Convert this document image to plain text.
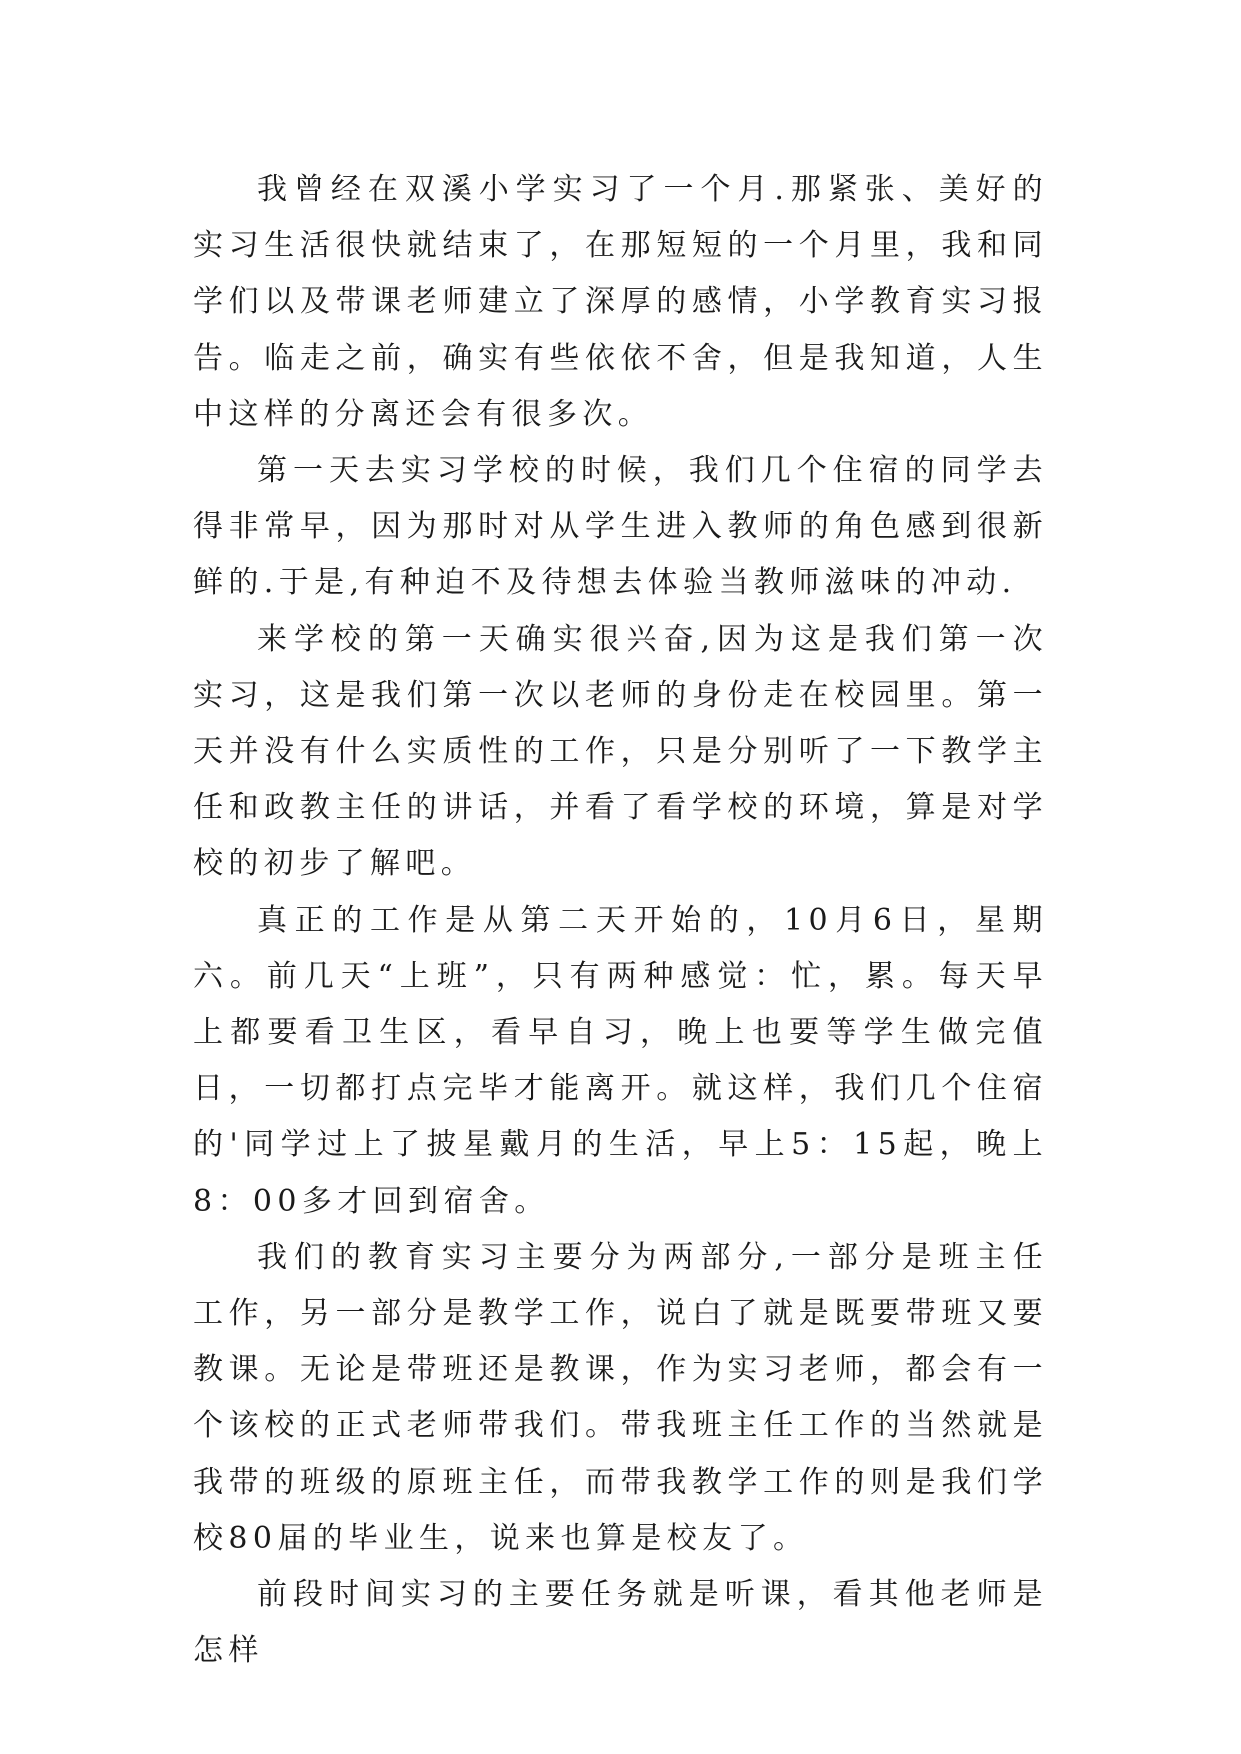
我曾经在双溪小学实习了一个月.那紧张、美好的实习生活很快就结束了，在那短短的一个月里，我和同学们以及带课老师建立了深厚的感情，小学教育实习报告。临走之前，确实有些依依不舍，但是我知道，人生中这样的分离还会有很多次。

第一天去实习学校的时候，我们几个住宿的同学去得非常早，因为那时对从学生进入教师的角色感到很新鲜的.于是,有种迫不及待想去体验当教师滋味的冲动.

来学校的第一天确实很兴奋,因为这是我们第一次实习，这是我们第一次以老师的身份走在校园里。第一天并没有什么实质性的工作，只是分别听了一下教学主任和政教主任的讲话，并看了看学校的环境，算是对学校的初步了解吧。

真正的工作是从第二天开始的，10月6日，星期六。前几天“上班”，只有两种感觉：忙，累。每天早上都要看卫生区，看早自习，晚上也要等学生做完值日，一切都打点完毕才能离开。就这样，我们几个住宿的'同学过上了披星戴月的生活，早上5：15起，晚上8：00多才回到宿舍。

我们的教育实习主要分为两部分,一部分是班主任工作，另一部分是教学工作，说白了就是既要带班又要教课。无论是带班还是教课，作为实习老师，都会有一个该校的正式老师带我们。带我班主任工作的当然就是我带的班级的原班主任，而带我教学工作的则是我们学校80届的毕业生，说来也算是校友了。

前段时间实习的主要任务就是听课，看其他老师是怎样
